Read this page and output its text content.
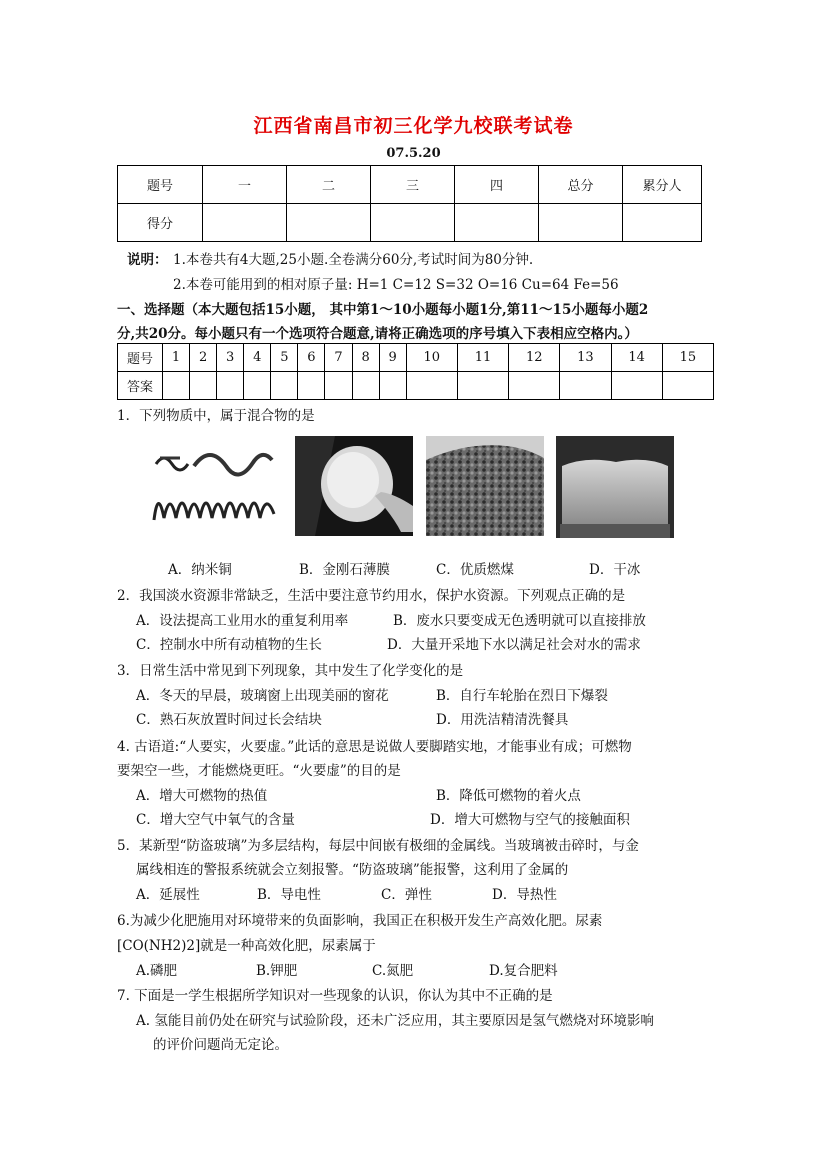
江西省南昌市初三化学九校联考试卷
07.5.20
题号	一	二	三	四	总分	累分人
得分						
说明： 1.本卷共有4大题,25小题.全卷满分60分,考试时间为80分钟.
2.本卷可能用到的相对原子量: H=1 C=12 S=32 O=16 Cu=64 Fe=56
一、选择题（本大题包括15小题， 其中第1～10小题每小题1分,第11～15小题每小题2
分,共20分。每小题只有一个选项符合题意,请将正确选项的序号填入下表相应空格内。）
题号	1	2	3	4	5	6	7	8	9	10	11	12	13	14	15
答案															
1．下列物质中，属于混合物的是
A．纳米铜	B．金刚石薄膜	C．优质燃煤	D．干冰
2．我国淡水资源非常缺乏，生活中要注意节约用水，保护水资源。下列观点正确的是
A．设法提高工业用水的重复利用率	B．废水只要变成无色透明就可以直接排放
C．控制水中所有动植物的生长	D．大量开采地下水以满足社会对水的需求
3．日常生活中常见到下列现象，其中发生了化学变化的是
A．冬天的早晨，玻璃窗上出现美丽的窗花	B．自行车轮胎在烈日下爆裂
C．熟石灰放置时间过长会结块	D．用洗洁精清洗餐具
4. 古语道:“人要实，火要虚。”此话的意思是说做人要脚踏实地，才能事业有成；可燃物
要架空一些，才能燃烧更旺。“火要虚”的目的是
A．增大可燃物的热值	B．降低可燃物的着火点
C．增大空气中氧气的含量	D．增大可燃物与空气的接触面积
5．某新型“防盗玻璃”为多层结构，每层中间嵌有极细的金属线。当玻璃被击碎时，与金
属线相连的警报系统就会立刻报警。“防盗玻璃”能报警，这利用了金属的
A．延展性	B．导电性	C．弹性	D．导热性
6.为减少化肥施用对环境带来的负面影响，我国正在积极开发生产高效化肥。尿素
[CO(NH2)2]就是一种高效化肥，尿素属于
A.磷肥	B.钾肥	C.氮肥	D.复合肥料
7. 下面是一学生根据所学知识对一些现象的认识，你认为其中不正确的是
A. 氢能目前仍处在研究与试验阶段，还未广泛应用，其主要原因是氢气燃烧对环境影响
的评价问题尚无定论。
